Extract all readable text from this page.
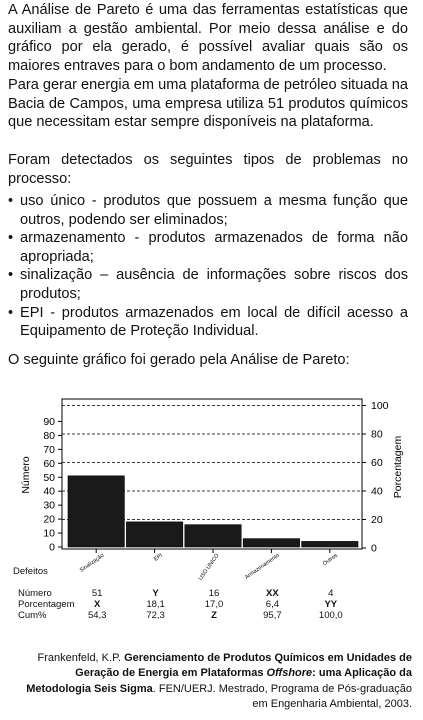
A Análise de Pareto é uma das ferramentas estatísticas que auxiliam a gestão ambiental. Por meio dessa análise e do gráfico por ela gerado, é possível avaliar quais são os maiores entraves para o bom andamento de um processo.

Para gerar energia em uma plataforma de petróleo situada na Bacia de Campos, uma empresa utiliza 51 produtos químicos que necessitam estar sempre disponíveis na plataforma.

Foram detectados os seguintes tipos de problemas no processo:

• uso único - produtos que possuem a mesma função que outros, podendo ser eliminados;
• armazenamento - produtos armazenados de forma não apropriada;
• sinalização – ausência de informações sobre riscos dos produtos;
• EPI - produtos armazenados em local de difícil acesso a Equipamento de Proteção Individual.

O seguinte gráfico foi gerado pela Análise de Pareto:

0
10
20
30
40
50
60
70
80
90
0
20
40
60
80
100
Sinalização	EPI	USO ÚNICO	Armazenamento	Outros
Número	Porcentagem
Defeitos
Número	51	Y	16	XX	4
Porcentagem	X	18,1	17,0	6,4	YY
Cum%	54,3	72,3	Z	95,7	100,0

Frankenfeld, K.P. Gerenciamento de Produtos Químicos em Unidades de Geração de Energia em Plataformas Offshore: uma Aplicação da Metodologia Seis Sigma. FEN/UERJ. Mestrado, Programa de Pós-graduação em Engenharia Ambiental, 2003.
